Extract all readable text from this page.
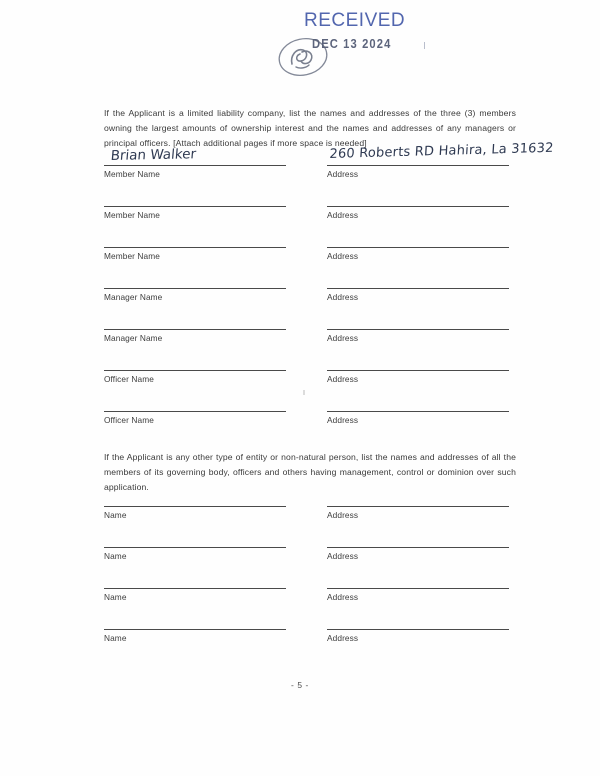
RECEIVED
DEC 13 2024
If the Applicant is a limited liability company, list the names and addresses of the three (3) members owning the largest amounts of ownership interest and the names and addresses of any managers or principal officers. [Attach additional pages if more space is needed]
Member Name	Address
Brian Walker	260 Roberts RD Hahira, La 31632
Member Name	Address
Member Name	Address
Manager Name	Address
Manager Name	Address
Officer Name	Address
Officer Name	Address
If the Applicant is any other type of entity or non-natural person, list the names and addresses of all the members of its governing body, officers and others having management, control or dominion over such application.
Name	Address
Name	Address
Name	Address
Name	Address
- 5 -
